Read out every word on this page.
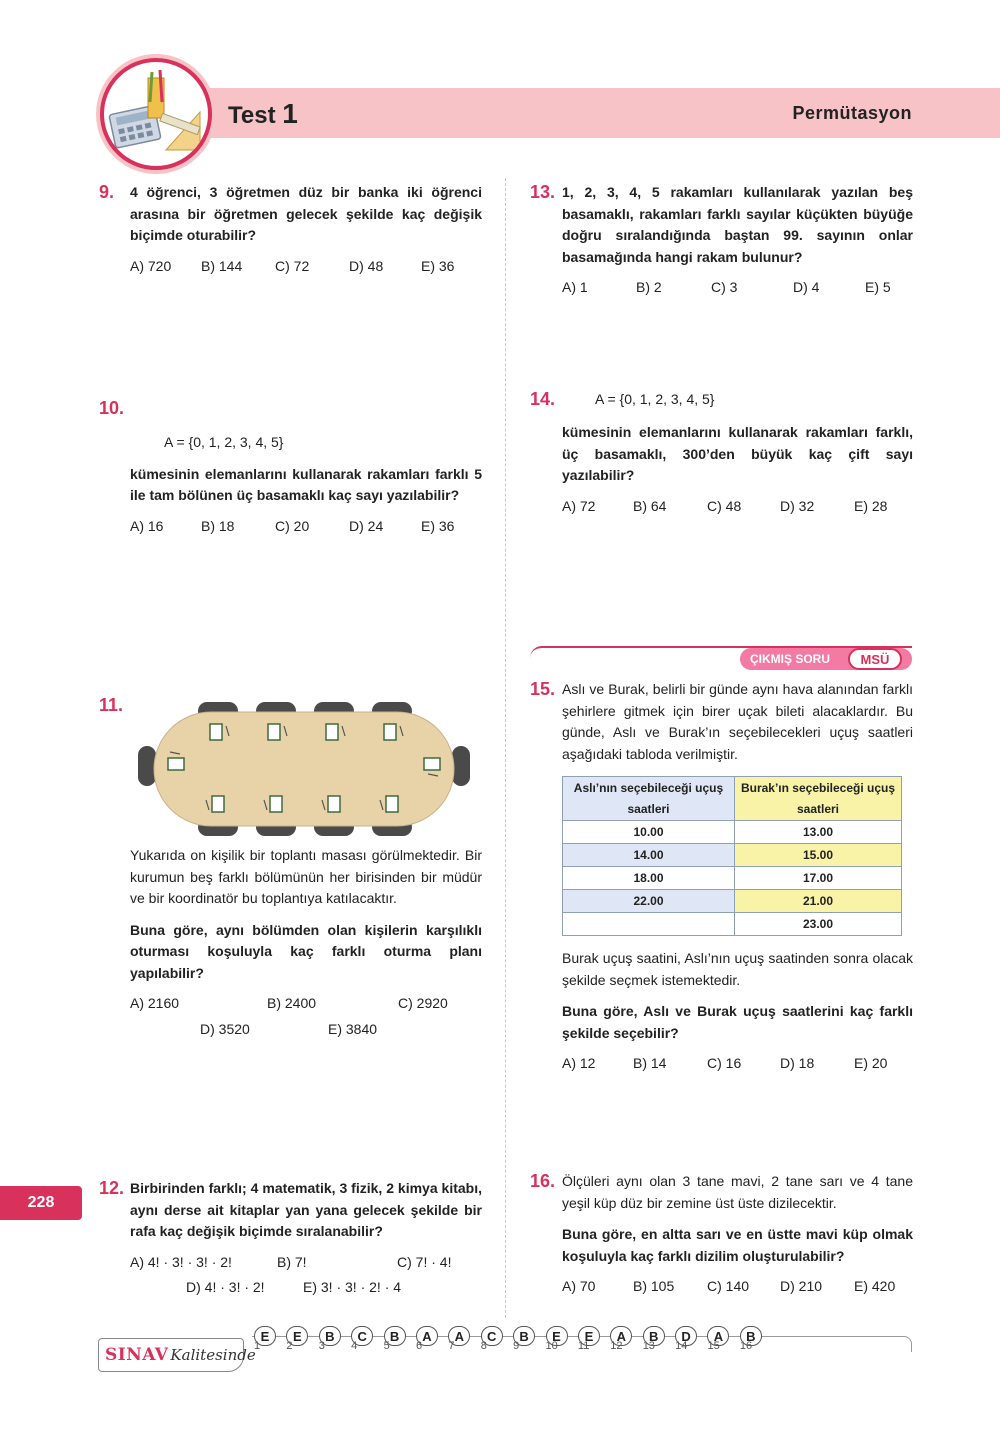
Test 1	Permütasyon
9. 4 öğrenci, 3 öğretmen düz bir banka iki öğrenci arasına bir öğretmen gelecek şekilde kaç değişik biçimde oturabilir?
A) 720	B) 144	C) 72	D) 48	E) 36
10.
A = {0, 1, 2, 3, 4, 5}
kümesinin elemanlarını kullanarak rakamları farklı 5 ile tam bölünen üç basamaklı kaç sayı yazılabilir?
A) 16	B) 18	C) 20	D) 24	E) 36
11.
Yukarıda on kişilik bir toplantı masası görülmektedir. Bir kurumun beş farklı bölümünün her birisinden bir müdür ve bir koordinatör bu toplantıya katılacaktır.
Buna göre, aynı bölümden olan kişilerin karşılıklı oturması koşuluyla kaç farklı oturma planı yapılabilir?
A) 2160	B) 2400	C) 2920
D) 3520	E) 3840
12. Birbirinden farklı; 4 matematik, 3 fizik, 2 kimya kitabı, aynı derse ait kitaplar yan yana gelecek şekilde bir rafa kaç değişik biçimde sıralanabilir?
A) 4! · 3! · 3! · 2!	B) 7!	C) 7! · 4!
D) 4! · 3! · 2!	E) 3! · 3! · 2! · 4
13. 1, 2, 3, 4, 5 rakamları kullanılarak yazılan beş basamaklı, rakamları farklı sayılar küçükten büyüğe doğru sıralandığında baştan 99. sayının onlar basamağında hangi rakam bulunur?
A) 1	B) 2	C) 3	D) 4	E) 5
14.	A = {0, 1, 2, 3, 4, 5}
kümesinin elemanlarını kullanarak rakamları farklı, üç basamaklı, 300’den büyük kaç çift sayı yazılabilir?
A) 72	B) 64	C) 48	D) 32	E) 28
ÇIKMIŞ SORU	MSÜ
15. Aslı ve Burak, belirli bir günde aynı hava alanından farklı şehirlere gitmek için birer uçak bileti alacaklardır. Bu günde, Aslı ve Burak’ın seçebilecekleri uçuş saatleri aşağıdaki tabloda verilmiştir.
Aslı’nın seçebileceği uçuş saatleri	Burak’ın seçebileceği uçuş saatleri
10.00	13.00
14.00	15.00
18.00	17.00
22.00	21.00
	23.00
Burak uçuş saatini, Aslı’nın uçuş saatinden sonra olacak şekilde seçmek istemektedir.
Buna göre, Aslı ve Burak uçuş saatlerini kaç farklı şekilde seçebilir?
A) 12	B) 14	C) 16	D) 18	E) 20
16. Ölçüleri aynı olan 3 tane mavi, 2 tane sarı ve 4 tane yeşil küp düz bir zemine üst üste dizilecektir.
Buna göre, en altta sarı ve en üstte mavi küp olmak koşuluyla kaç farklı dizilim oluşturulabilir?
A) 70	B) 105	C) 140	D) 210	E) 420
228
SINAV Kalitesinde
E
1
E
2
B
3
C
4
B
5
A
6
A
7
C
8
B
9
E
10
E
11
A
12
B
13
D
14
A
15
B
16
